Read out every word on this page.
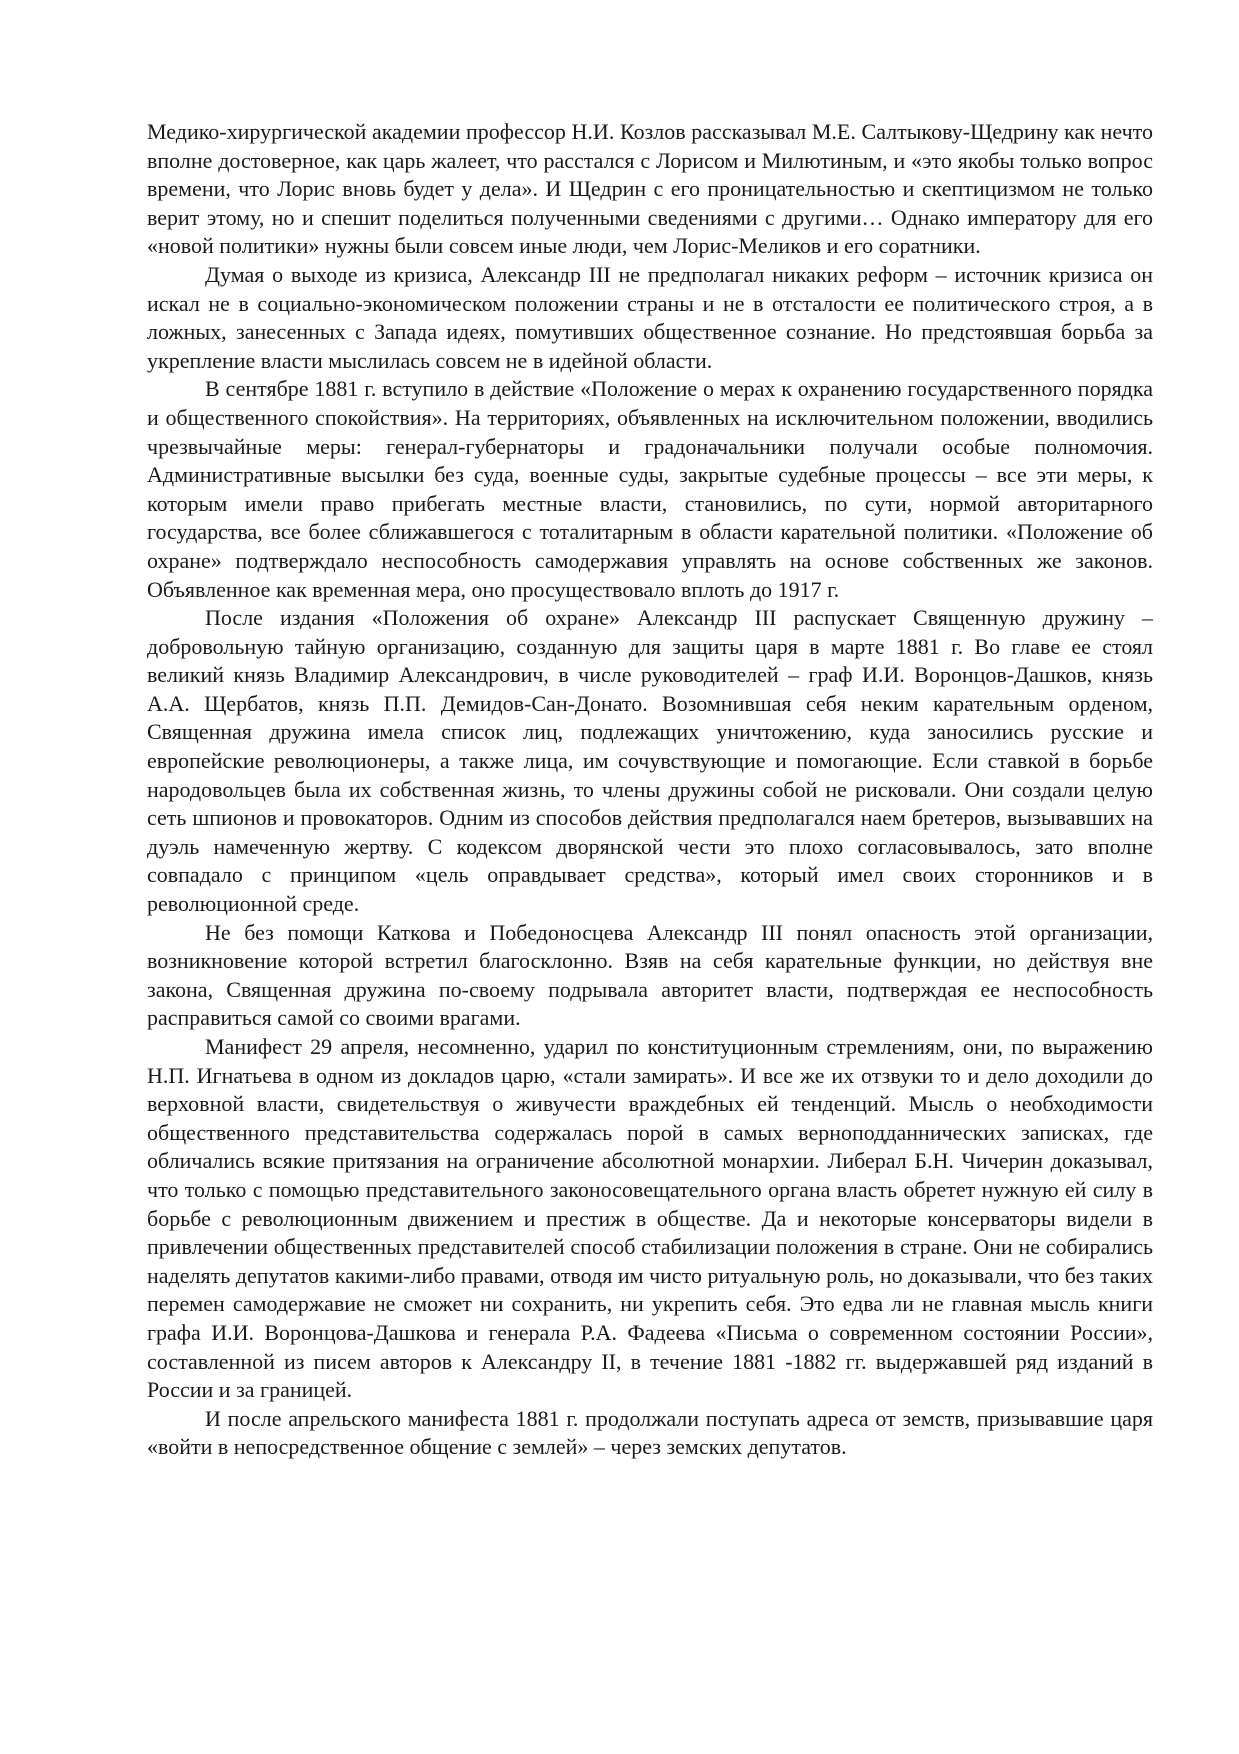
Медико-хирургической академии профессор Н.И. Козлов рассказывал М.Е. Салтыкову-Щедрину как нечто вполне достоверное, как царь жалеет, что расстался с Лорисом и Милютиным, и «это якобы только вопрос времени, что Лорис вновь будет у дела». И Щедрин с его проницательностью и скептицизмом не только верит этому, но и спешит поделиться полученными сведениями с другими… Однако императору для его «новой политики» нужны были совсем иные люди, чем Лорис-Меликов и его соратники.

Думая о выходе из кризиса, Александр III не предполагал никаких реформ – источник кризиса он искал не в социально-экономическом положении страны и не в отсталости ее политического строя, а в ложных, занесенных с Запада идеях, помутивших общественное сознание. Но предстоявшая борьба за укрепление власти мыслилась совсем не в идейной области.

В сентябре 1881 г. вступило в действие «Положение о мерах к охранению государственного порядка и общественного спокойствия». На территориях, объявленных на исключительном положении, вводились чрезвычайные меры: генерал-губернаторы и градоначальники получали особые полномочия. Административные высылки без суда, военные суды, закрытые судебные процессы – все эти меры, к которым имели право прибегать местные власти, становились, по сути, нормой авторитарного государства, все более сближавшегося с тоталитарным в области карательной политики. «Положение об охране» подтверждало неспособность самодержавия управлять на основе собственных же законов. Объявленное как временная мера, оно просуществовало вплоть до 1917 г.

После издания «Положения об охране» Александр III распускает Священную дружину – добровольную тайную организацию, созданную для защиты царя в марте 1881 г. Во главе ее стоял великий князь Владимир Александрович, в числе руководителей – граф И.И. Воронцов-Дашков, князь А.А. Щербатов, князь П.П. Демидов-Сан-Донато. Возомнившая себя неким карательным орденом, Священная дружина имела список лиц, подлежащих уничтожению, куда заносились русские и европейские революционеры, а также лица, им сочувствующие и помогающие. Если ставкой в борьбе народовольцев была их собственная жизнь, то члены дружины собой не рисковали. Они создали целую сеть шпионов и провокаторов. Одним из способов действия предполагался наем бретеров, вызывавших на дуэль намеченную жертву. С кодексом дворянской чести это плохо согласовывалось, зато вполне совпадало с принципом «цель оправдывает средства», который имел своих сторонников и в революционной среде.

Не без помощи Каткова и Победоносцева Александр III понял опасность этой организации, возникновение которой встретил благосклонно. Взяв на себя карательные функции, но действуя вне закона, Священная дружина по-своему подрывала авторитет власти, подтверждая ее неспособность расправиться самой со своими врагами.

Манифест 29 апреля, несомненно, ударил по конституционным стремлениям, они, по выражению Н.П. Игнатьева в одном из докладов царю, «стали замирать». И все же их отзвуки то и дело доходили до верховной власти, свидетельствуя о живучести враждебных ей тенденций. Мысль о необходимости общественного представительства содержалась порой в самых верноподданнических записках, где обличались всякие притязания на ограничение абсолютной монархии. Либерал Б.Н. Чичерин доказывал, что только с помощью представительного законосовещательного органа власть обретет нужную ей силу в борьбе с революционным движением и престиж в обществе. Да и некоторые консерваторы видели в привлечении общественных представителей способ стабилизации положения в стране. Они не собирались наделять депутатов какими-либо правами, отводя им чисто ритуальную роль, но доказывали, что без таких перемен самодержавие не сможет ни сохранить, ни укрепить себя. Это едва ли не главная мысль книги графа И.И. Воронцова-Дашкова и генерала Р.А. Фадеева «Письма о современном состоянии России», составленной из писем авторов к Александру II, в течение 1881 -1882 гг. выдержавшей ряд изданий в России и за границей.

И после апрельского манифеста 1881 г. продолжали поступать адреса от земств, призывавшие царя «войти в непосредственное общение с землей» – через земских депутатов.
